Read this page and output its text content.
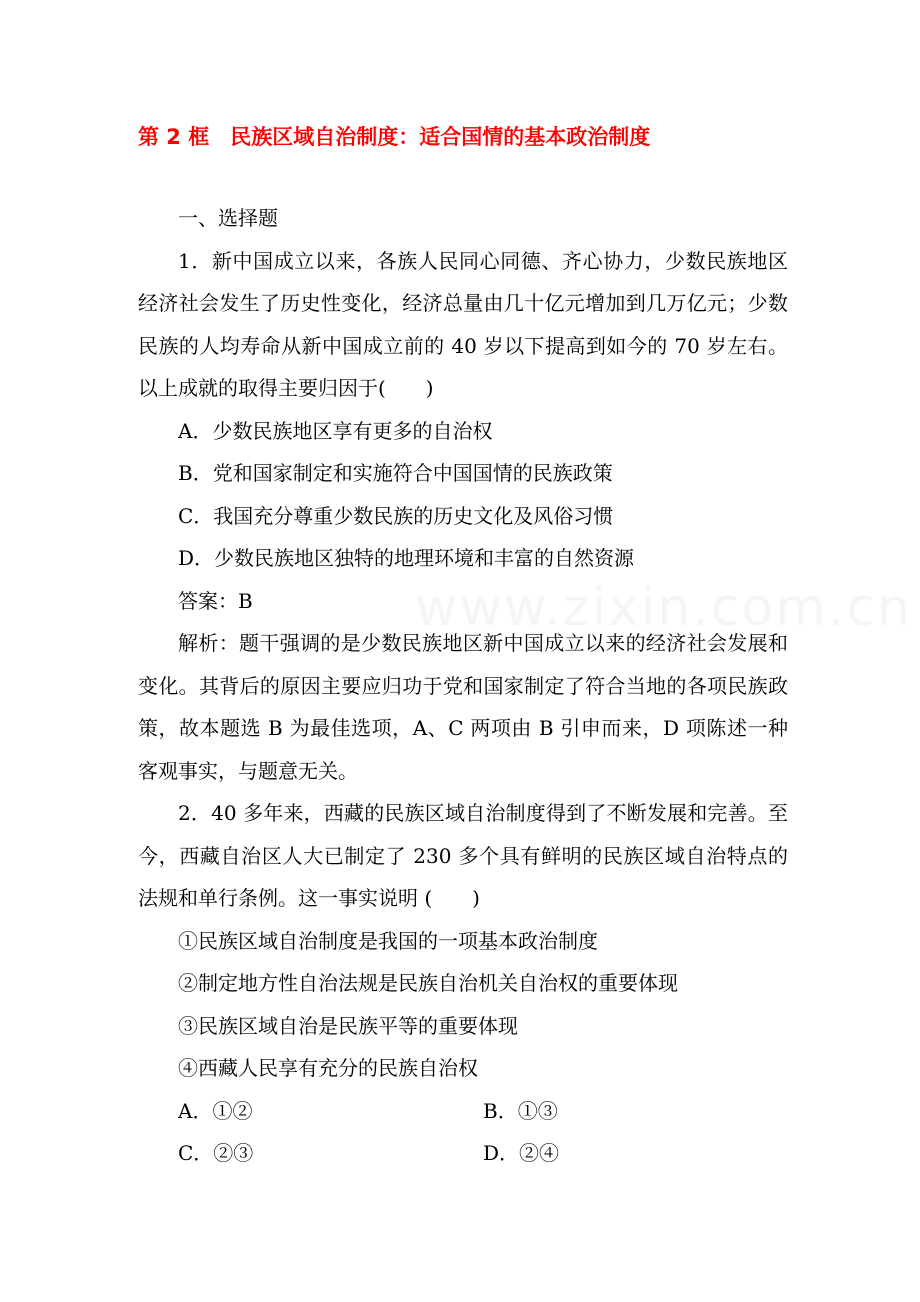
www.zixin.com.cn
第 2 框　民族区域自治制度：适合国情的基本政治制度

一、选择题

1．新中国成立以来，各族人民同心同德、齐心协力，少数民族地区经济社会发生了历史性变化，经济总量由几十亿元增加到几万亿元；少数民族的人均寿命从新中国成立前的 40 岁以下提高到如今的 70 岁左右。以上成就的取得主要归因于(　　)

A．少数民族地区享有更多的自治权

B．党和国家制定和实施符合中国国情的民族政策

C．我国充分尊重少数民族的历史文化及风俗习惯

D．少数民族地区独特的地理环境和丰富的自然资源

答案：B

解析：题干强调的是少数民族地区新中国成立以来的经济社会发展和变化。其背后的原因主要应归功于党和国家制定了符合当地的各项民族政策，故本题选 B 为最佳选项，A、C 两项由 B 引申而来，D 项陈述一种客观事实，与题意无关。

2．40 多年来，西藏的民族区域自治制度得到了不断发展和完善。至今，西藏自治区人大已制定了 230 多个具有鲜明的民族区域自治特点的法规和单行条例。这一事实说明 (　　)

①民族区域自治制度是我国的一项基本政治制度

②制定地方性自治法规是民族自治机关自治权的重要体现

③民族区域自治是民族平等的重要体现

④西藏人民享有充分的民族自治权

A．①②	B．①③
C．②③	D．②④
